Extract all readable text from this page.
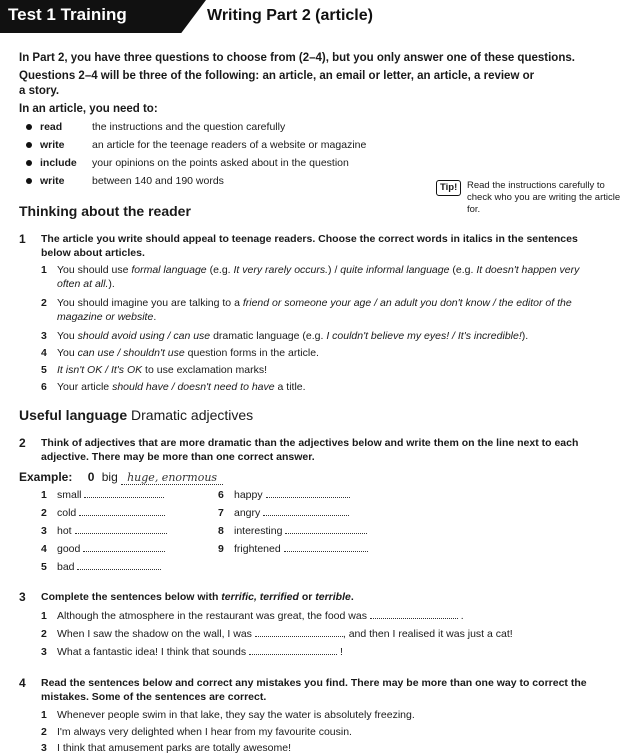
Test 1 Training	Writing Part 2 (article)
In Part 2, you have three questions to choose from (2–4), but you only answer one of these questions.
Questions 2–4 will be three of the following: an article, an email or letter, an article, a review or
a story.
In an article, you need to:
read	the instructions and the question carefully
write	an article for the teenage readers of a website or magazine
include your opinions on the points asked about in the question
write	between 140 and 190 words
Tip!	Read the instructions carefully to check who you are writing the article for.
Thinking about the reader
1 The article you write should appeal to teenage readers. Choose the correct words in italics in the sentences
below about articles.
1 You should use formal language (e.g. It very rarely occurs.) / quite informal language (e.g. It doesn't happen very
often at all.).
2 You should imagine you are talking to a friend or someone your age / an adult you don't know / the editor of the
magazine or website.
3 You should avoid using / can use dramatic language (e.g. I couldn't believe my eyes! / It's incredible!).
4 You can use / shouldn't use question forms in the article.
5 It isn't OK / It's OK to use exclamation marks!
6 Your article should have / doesn't need to have a title.
Useful language Dramatic adjectives
2 Think of adjectives that are more dramatic than the adjectives below and write them on the line next to each
adjective. There may be more than one correct answer.
Example: 0 big huge, enormous
1 small
2 cold
3 hot
4 good
5 bad
6 happy
7 angry
8 interesting
9 frightened
3 Complete the sentences below with terrific, terrified or terrible.
1 Although the atmosphere in the restaurant was great, the food was	.
2 When I saw the shadow on the wall, I was	, and then I realised it was just a cat!
3 What a fantastic idea! I think that sounds	!
4 Read the sentences below and correct any mistakes you find. There may be more than one way to correct the
mistakes. Some of the sentences are correct.
1 Whenever people swim in that lake, they say the water is absolutely freezing.
2 I'm always very delighted when I hear from my favourite cousin.
3 I think that amusement parks are totally awesome!
